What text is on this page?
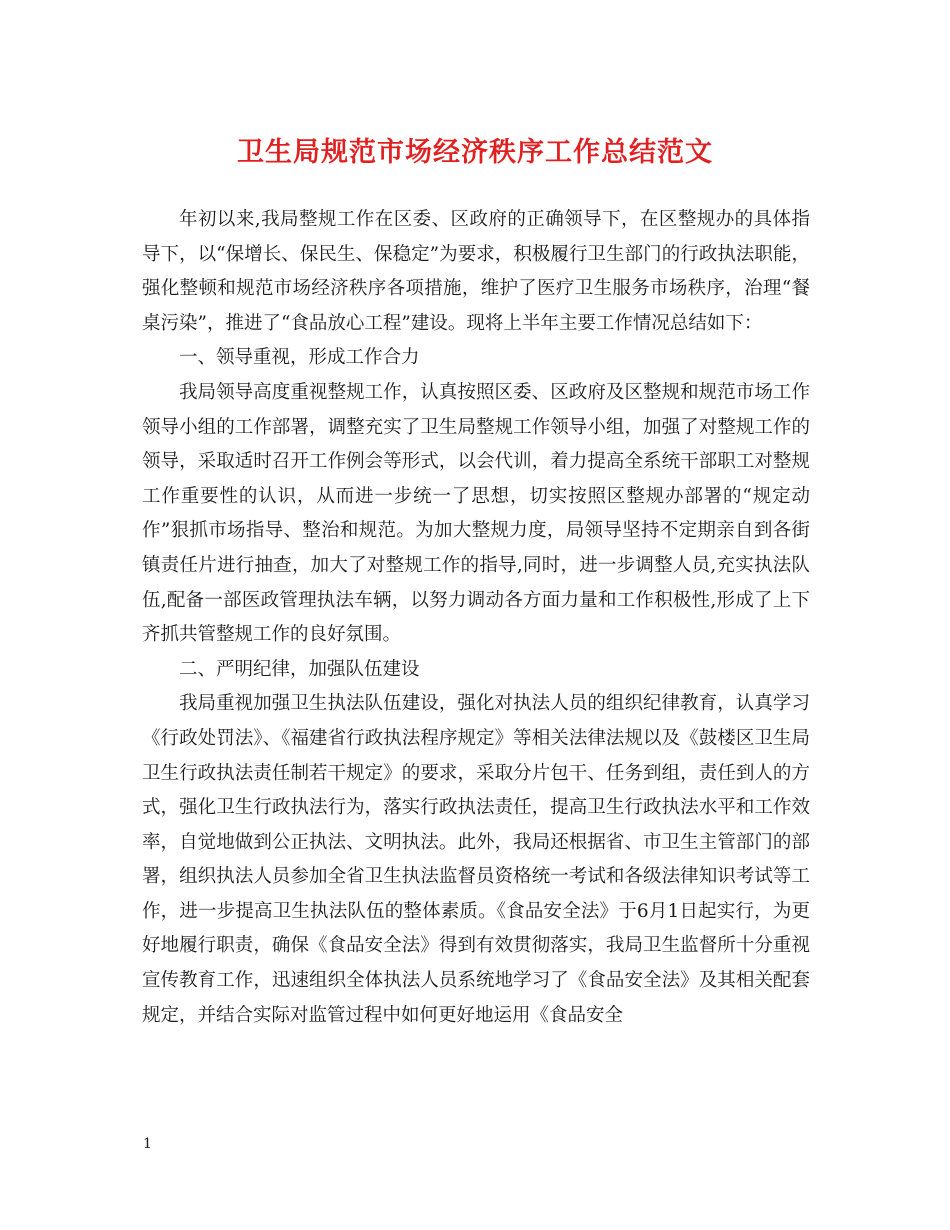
卫生局规范市场经济秩序工作总结范文

年初以来,我局整规工作在区委、区政府的正确领导下，在区整规办的具体指导下，以“保增长、保民生、保稳定”为要求，积极履行卫生部门的行政执法职能，强化整顿和规范市场经济秩序各项措施，维护了医疗卫生服务市场秩序，治理“餐桌污染”，推进了“食品放心工程”建设。现将上半年主要工作情况总结如下：

一、领导重视，形成工作合力

我局领导高度重视整规工作，认真按照区委、区政府及区整规和规范市场工作领导小组的工作部署，调整充实了卫生局整规工作领导小组，加强了对整规工作的领导，采取适时召开工作例会等形式，以会代训，着力提高全系统干部职工对整规工作重要性的认识，从而进一步统一了思想，切实按照区整规办部署的“规定动作”狠抓市场指导、整治和规范。为加大整规力度，局领导坚持不定期亲自到各街镇责任片进行抽查，加大了对整规工作的指导,同时，进一步调整人员,充实执法队伍,配备一部医政管理执法车辆，以努力调动各方面力量和工作积极性,形成了上下齐抓共管整规工作的良好氛围。

二、严明纪律，加强队伍建设

我局重视加强卫生执法队伍建设，强化对执法人员的组织纪律教育，认真学习《行政处罚法》、《福建省行政执法程序规定》等相关法律法规以及《鼓楼区卫生局卫生行政执法责任制若干规定》的要求，采取分片包干、任务到组，责任到人的方式，强化卫生行政执法行为，落实行政执法责任，提高卫生行政执法水平和工作效率，自觉地做到公正执法、文明执法。此外，我局还根据省、市卫生主管部门的部署，组织执法人员参加全省卫生执法监督员资格统一考试和各级法律知识考试等工作，进一步提高卫生执法队伍的整体素质。《食品安全法》于6月1日起实行，为更好地履行职责，确保《食品安全法》得到有效贯彻落实，我局卫生监督所十分重视宣传教育工作，迅速组织全体执法人员系统地学习了《食品安全法》及其相关配套规定，并结合实际对监管过程中如何更好地运用《食品安全

1
